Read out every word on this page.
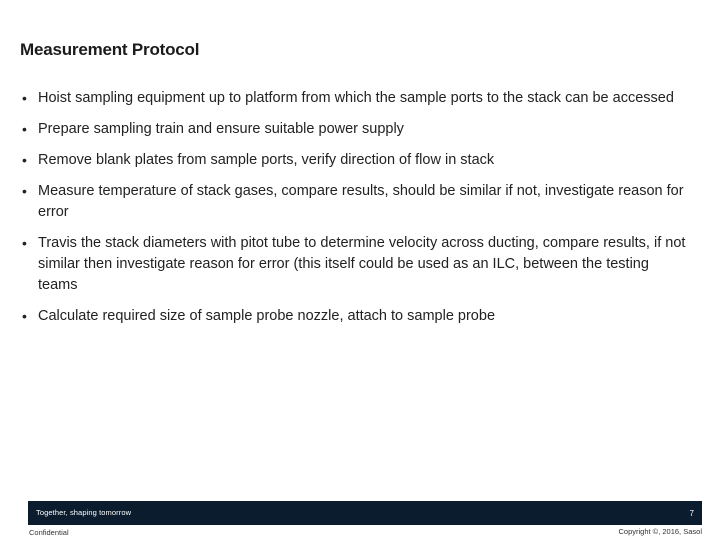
Measurement Protocol
• Hoist sampling equipment up to platform from which the sample ports to the stack can be accessed
• Prepare sampling train and ensure suitable power supply
• Remove blank plates from sample ports, verify direction of flow in stack
• Measure temperature of stack gases, compare results, should be similar if not, investigate reason for error
• Travis the stack diameters with pitot tube to determine velocity across ducting, compare results, if not similar then investigate reason for error (this itself could be used as an ILC, between the testing teams
• Calculate required size of sample probe nozzle, attach to sample probe
Together, shaping tomorrow	7
Confidential	Copyright ©, 2016, Sasol
